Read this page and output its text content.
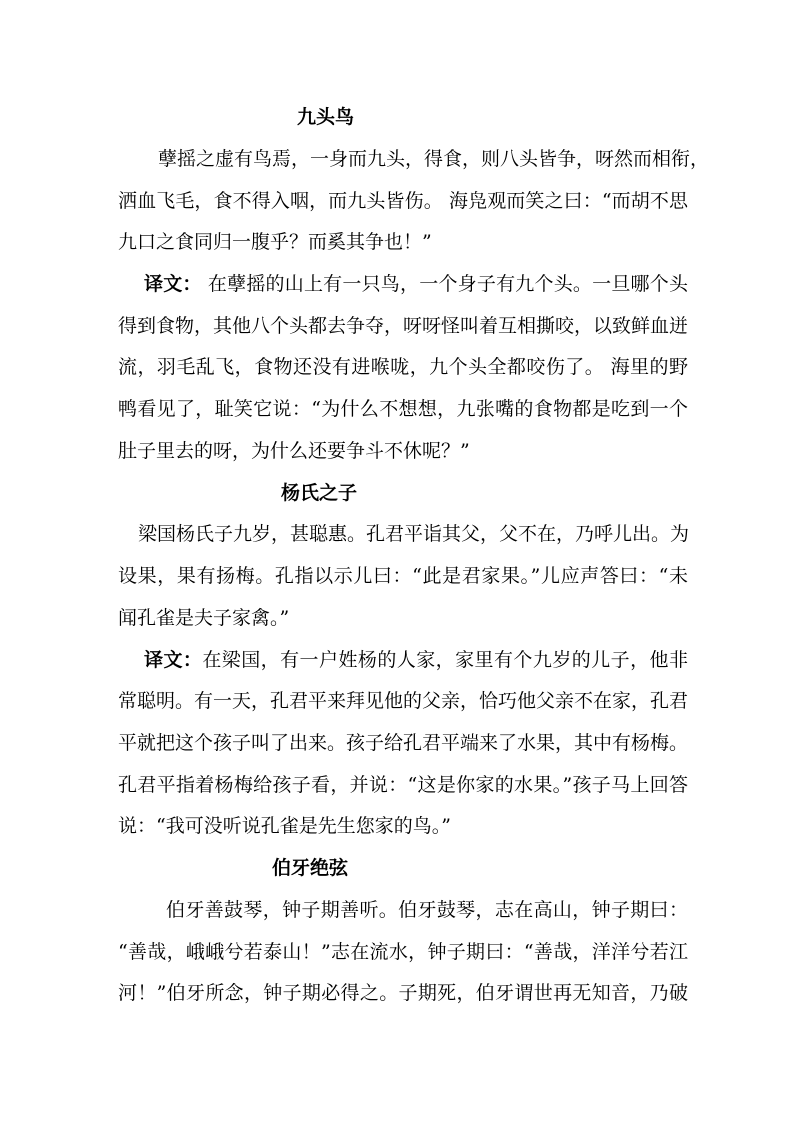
九头鸟
孽摇之虚有鸟焉，一身而九头，得食，则八头皆争，呀然而相衔，
洒血飞毛，食不得入咽，而九头皆伤。 海凫观而笑之曰：“而胡不思
九口之食同归一腹乎？而奚其争也！”
译文： 在孽摇的山上有一只鸟，一个身子有九个头。一旦哪个头
得到食物，其他八个头都去争夺，呀呀怪叫着互相撕咬，以致鲜血迸
流，羽毛乱飞，食物还没有进喉咙，九个头全都咬伤了。 海里的野
鸭看见了，耻笑它说：“为什么不想想，九张嘴的食物都是吃到一个
肚子里去的呀，为什么还要争斗不休呢？”
杨氏之子
梁国杨氏子九岁，甚聪惠。孔君平诣其父，父不在，乃呼儿出。为
设果，果有扬梅。孔指以示儿曰：“此是君家果。”儿应声答曰：“未
闻孔雀是夫子家禽。”
译文：在梁国，有一户姓杨的人家，家里有个九岁的儿子，他非
常聪明。有一天，孔君平来拜见他的父亲，恰巧他父亲不在家，孔君
平就把这个孩子叫了出来。孩子给孔君平端来了水果，其中有杨梅。
孔君平指着杨梅给孩子看，并说：“这是你家的水果。”孩子马上回答
说：“我可没听说孔雀是先生您家的鸟。”
伯牙绝弦
伯牙善鼓琴，钟子期善听。伯牙鼓琴，志在高山，钟子期曰：
“善哉，峨峨兮若泰山！”志在流水，钟子期曰：“善哉，洋洋兮若江
河！”伯牙所念，钟子期必得之。子期死，伯牙谓世再无知音，乃破
